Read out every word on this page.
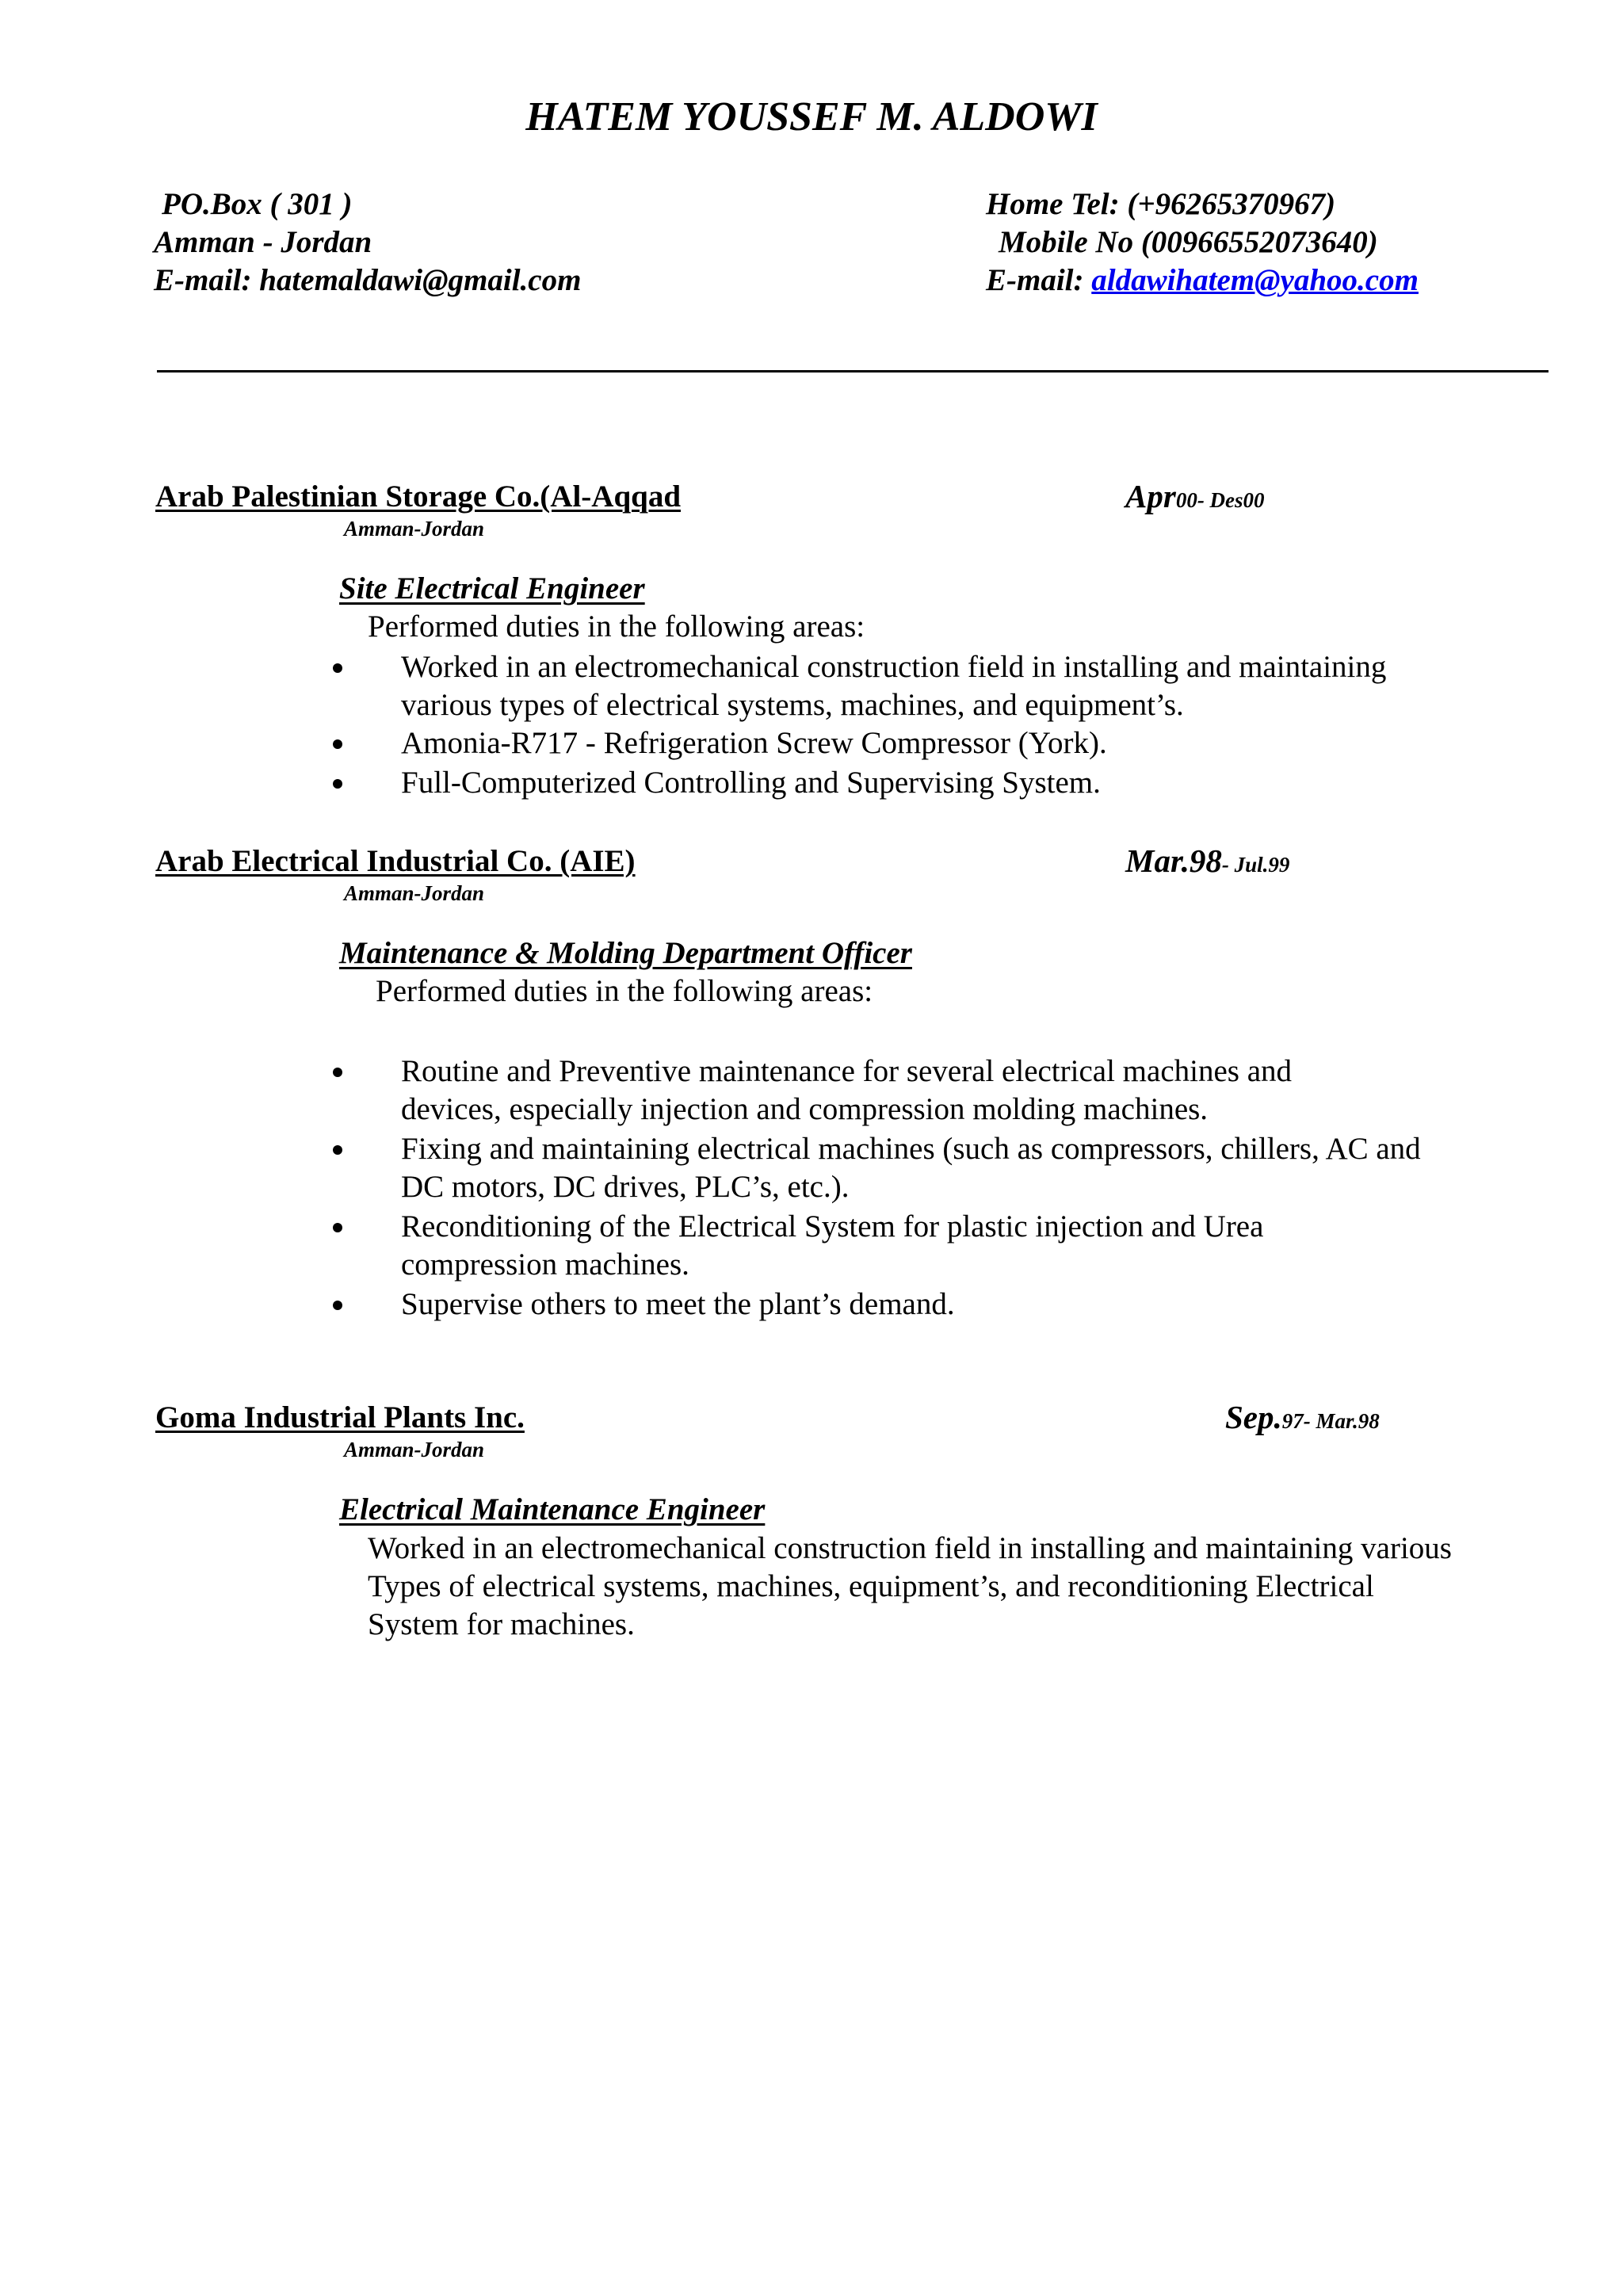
HATEM YOUSSEF M. ALDOWI
PO.Box ( 301 )
Amman - Jordan
E-mail: hatemaldawi@gmail.com
Home Tel: (+96265370967)
Mobile No (00966552073640)
E-mail: aldawihatem@yahoo.com
Arab Palestinian Storage Co.(Al-Aqqad	Apr00- Des00
Amman-Jordan
Site Electrical Engineer
Performed duties in the following areas:
Worked in an electromechanical construction field in installing and maintaining
various types of electrical systems, machines, and equipment’s.
Amonia-R717 - Refrigeration Screw Compressor (York).
Full-Computerized Controlling and Supervising System.
Arab Electrical Industrial Co. (AIE)	Mar.98- Jul.99
Amman-Jordan
Maintenance & Molding Department Officer
Performed duties in the following areas:
Routine and Preventive maintenance for several electrical machines and
devices, especially injection and compression molding machines.
Fixing and maintaining electrical machines (such as compressors, chillers, AC and
DC motors, DC drives, PLC’s, etc.).
Reconditioning of the Electrical System for plastic injection and Urea
compression machines.
Supervise others to meet the plant’s demand.
Goma Industrial Plants Inc.	Sep.97- Mar.98
Amman-Jordan
Electrical Maintenance Engineer
Worked in an electromechanical construction field in installing and maintaining various
Types of electrical systems, machines, equipment’s, and reconditioning Electrical
System for machines.
